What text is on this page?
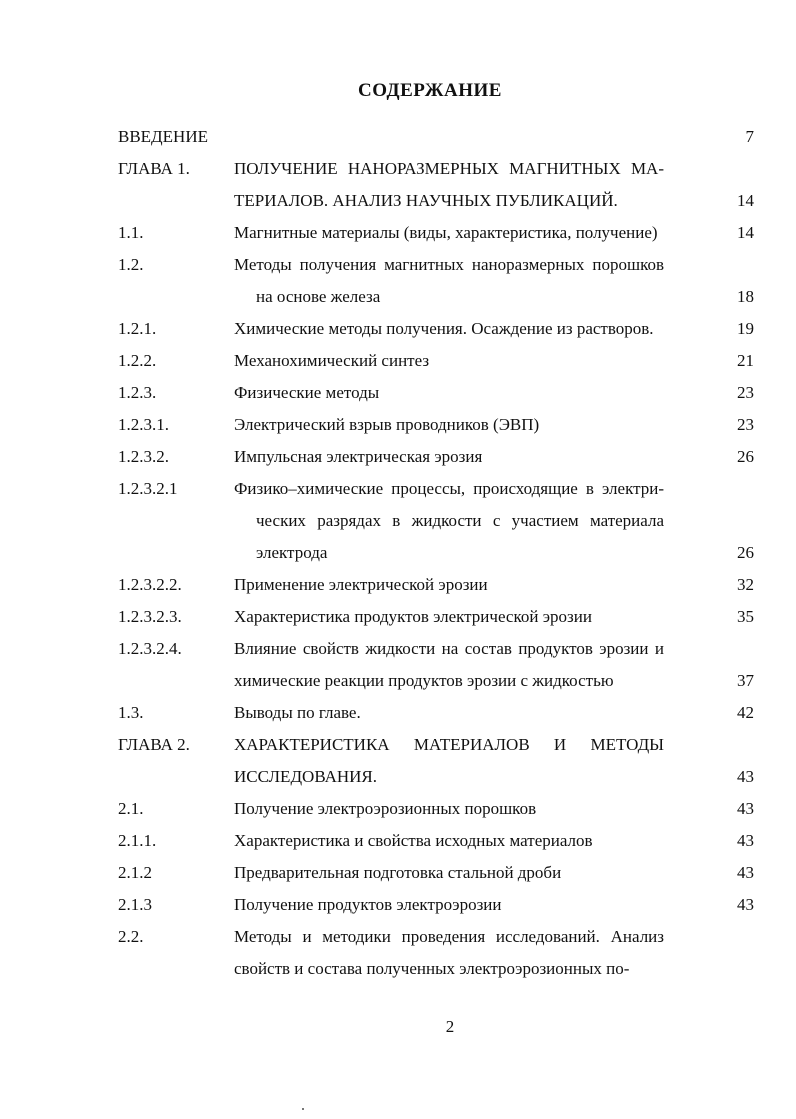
СОДЕРЖАНИЕ
ВВЕДЕНИЕ	7
ГЛАВА 1.	ПОЛУЧЕНИЕ НАНОРАЗМЕРНЫХ МАГНИТНЫХ МА-
ТЕРИАЛОВ. АНАЛИЗ НАУЧНЫХ ПУБЛИКАЦИЙ.	14
1.1.	Магнитные материалы (виды, характеристика, получение)	14
1.2.	Методы получения магнитных наноразмерных порошков
на основе железа	18
1.2.1.	Химические методы получения. Осаждение из растворов.	19
1.2.2.	Механохимический синтез	21
1.2.3.	Физические методы	23
1.2.3.1.	Электрический взрыв проводников (ЭВП)	23
1.2.3.2.	Импульсная электрическая эрозия	26
1.2.3.2.1	Физико–химические процессы, происходящие в электри-
ческих разрядах в жидкости с участием материала
электрода	26
1.2.3.2.2.	Применение электрической эрозии	32
1.2.3.2.3.	Характеристика продуктов электрической эрозии	35
1.2.3.2.4.	Влияние свойств жидкости на состав продуктов эрозии и
химические реакции продуктов эрозии с жидкостью	37
1.3.	Выводы по главе.	42
ГЛАВА 2.	ХАРАКТЕРИСТИКА МАТЕРИАЛОВ И МЕТОДЫ
ИССЛЕДОВАНИЯ.	43
2.1.	Получение электроэрозионных порошков	43
2.1.1.	Характеристика и свойства исходных материалов	43
2.1.2	Предварительная подготовка стальной дроби	43
2.1.3	Получение продуктов электроэрозии	43
2.2.	Методы и методики проведения исследований. Анализ
свойств и состава полученных электроэрозионных по-
2
